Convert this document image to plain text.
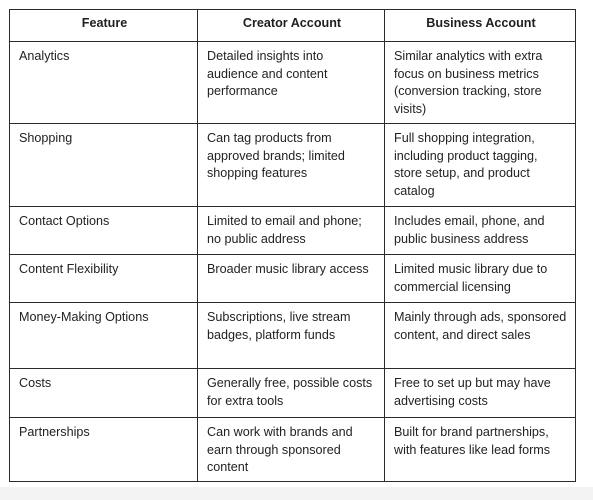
Feature	Creator Account	Business Account
Analytics	Detailed insights into audience and content performance	Similar analytics with extra focus on business metrics (conversion tracking, store visits)
Shopping	Can tag products from approved brands; limited shopping features	Full shopping integration, including product tagging, store setup, and product catalog
Contact Options	Limited to email and phone; no public address	Includes email, phone, and public business address
Content Flexibility	Broader music library access	Limited music library due to commercial licensing
Money-Making Options	Subscriptions, live stream badges, platform funds	Mainly through ads, sponsored content, and direct sales
Costs	Generally free, possible costs for extra tools	Free to set up but may have advertising costs
Partnerships	Can work with brands and earn through sponsored content	Built for brand partnerships, with features like lead forms
